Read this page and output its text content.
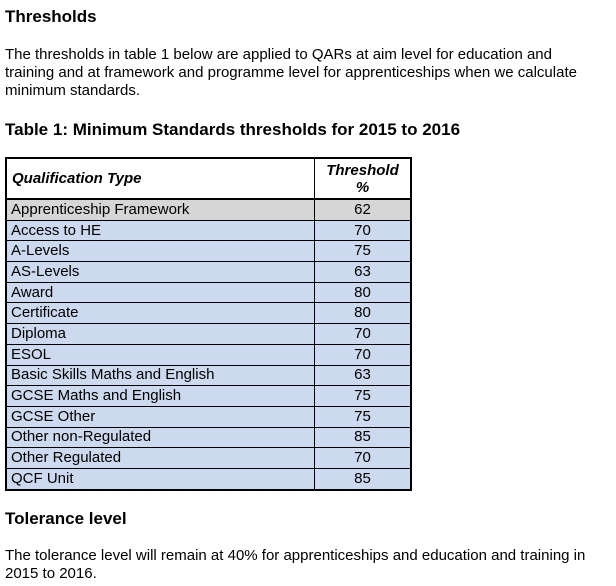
Thresholds

The thresholds in table 1 below are applied to QARs at aim level for education and training and at framework and programme level for apprenticeships when we calculate minimum standards.

Table 1: Minimum Standards thresholds for 2015 to 2016
Qualification Type	Threshold
%
Apprenticeship Framework	62
Access to HE	70
A-Levels	75
AS-Levels	63
Award	80
Certificate	80
Diploma	70
ESOL	70
Basic Skills Maths and English	63
GCSE Maths and English	75
GCSE Other	75
Other non-Regulated	85
Other Regulated	70
QCF Unit	85
Tolerance level

The tolerance level will remain at 40% for apprenticeships and education and training in 2015 to 2016.
